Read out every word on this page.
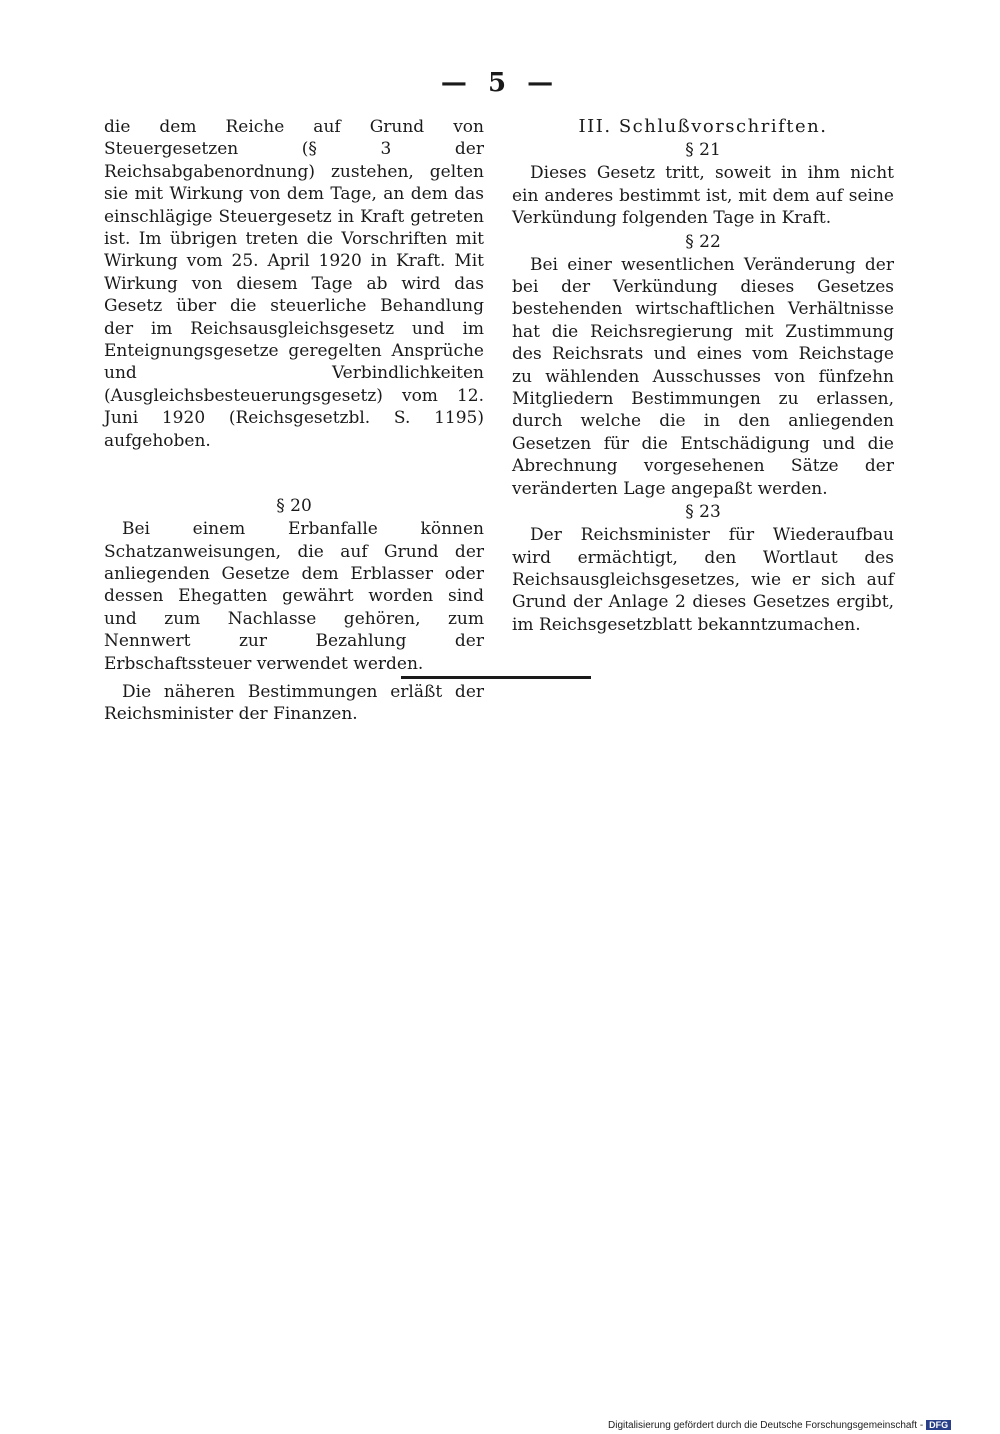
— 5 —

die dem Reiche auf Grund von Steuergesetzen (§ 3 der Reichsabgabenordnung) zustehen, gelten sie mit Wirkung von dem Tage, an dem das einschlägige Steuergesetz in Kraft getreten ist. Im übrigen treten die Vorschriften mit Wirkung vom 25. April 1920 in Kraft. Mit Wirkung von diesem Tage ab wird das Gesetz über die steuerliche Behandlung der im Reichsausgleichsgesetz und im Enteignungsgesetze geregelten Ansprüche und Verbindlichkeiten (Ausgleichsbesteuerungsgesetz) vom 12. Juni 1920 (Reichsgesetzbl. S. 1195) aufgehoben.

§ 20

Bei einem Erbanfalle können Schatzanweisungen, die auf Grund der anliegenden Gesetze dem Erblasser oder dessen Ehegatten gewährt worden sind und zum Nachlasse gehören, zum Nennwert zur Bezahlung der Erbschaftssteuer verwendet werden.

Die näheren Bestimmungen erläßt der Reichsminister der Finanzen.

III. Schlußvorschriften.

§ 21

Dieses Gesetz tritt, soweit in ihm nicht ein anderes bestimmt ist, mit dem auf seine Verkündung folgenden Tage in Kraft.

§ 22

Bei einer wesentlichen Veränderung der bei der Verkündung dieses Gesetzes bestehenden wirtschaftlichen Verhältnisse hat die Reichsregierung mit Zustimmung des Reichsrats und eines vom Reichstage zu wählenden Ausschusses von fünfzehn Mitgliedern Bestimmungen zu erlassen, durch welche die in den anliegenden Gesetzen für die Entschädigung und die Abrechnung vorgesehenen Sätze der veränderten Lage angepaßt werden.

§ 23

Der Reichsminister für Wiederaufbau wird ermächtigt, den Wortlaut des Reichsausgleichsgesetzes, wie er sich auf Grund der Anlage 2 dieses Gesetzes ergibt, im Reichsgesetzblatt bekanntzumachen.

Digitalisierung gefördert durch die Deutsche Forschungsgemeinschaft - DFG
